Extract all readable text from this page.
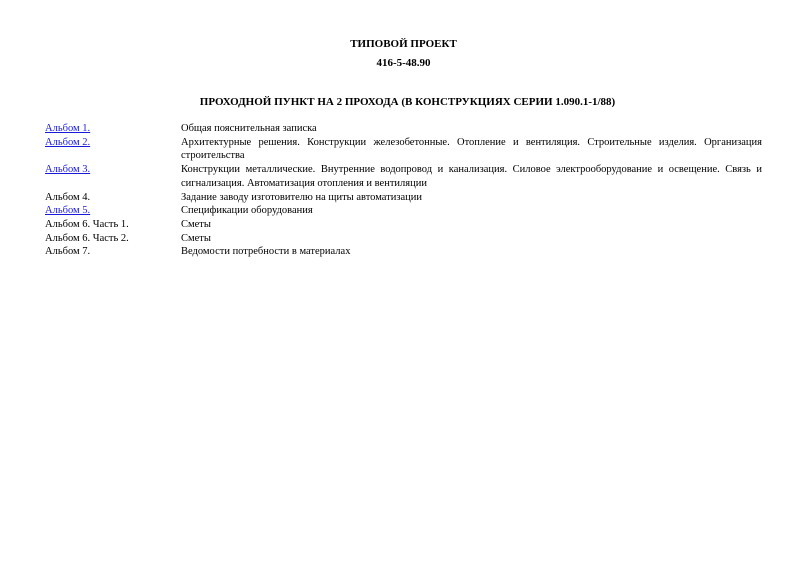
ТИПОВОЙ ПРОЕКТ
416-5-48.90
ПРОХОДНОЙ ПУНКТ НА 2 ПРОХОДА (В КОНСТРУКЦИЯХ СЕРИИ 1.090.1-1/88)
Альбом 1.	Общая пояснительная записка
Альбом 2.	Архитектурные решения. Конструкции железобетонные. Отопление и вентиляция. Строительные изделия. Организация строительства
Альбом 3.	Конструкции металлические. Внутренние водопровод и канализация. Силовое электрооборудование и освещение. Связь и сигнализация. Автоматизация отопления и вентиляции
Альбом 4.	Задание заводу изготовителю на щиты автоматизации
Альбом 5.	Спецификации оборудования
Альбом 6. Часть 1.	Сметы
Альбом 6. Часть 2.	Сметы
Альбом 7.	Ведомости потребности в материалах
